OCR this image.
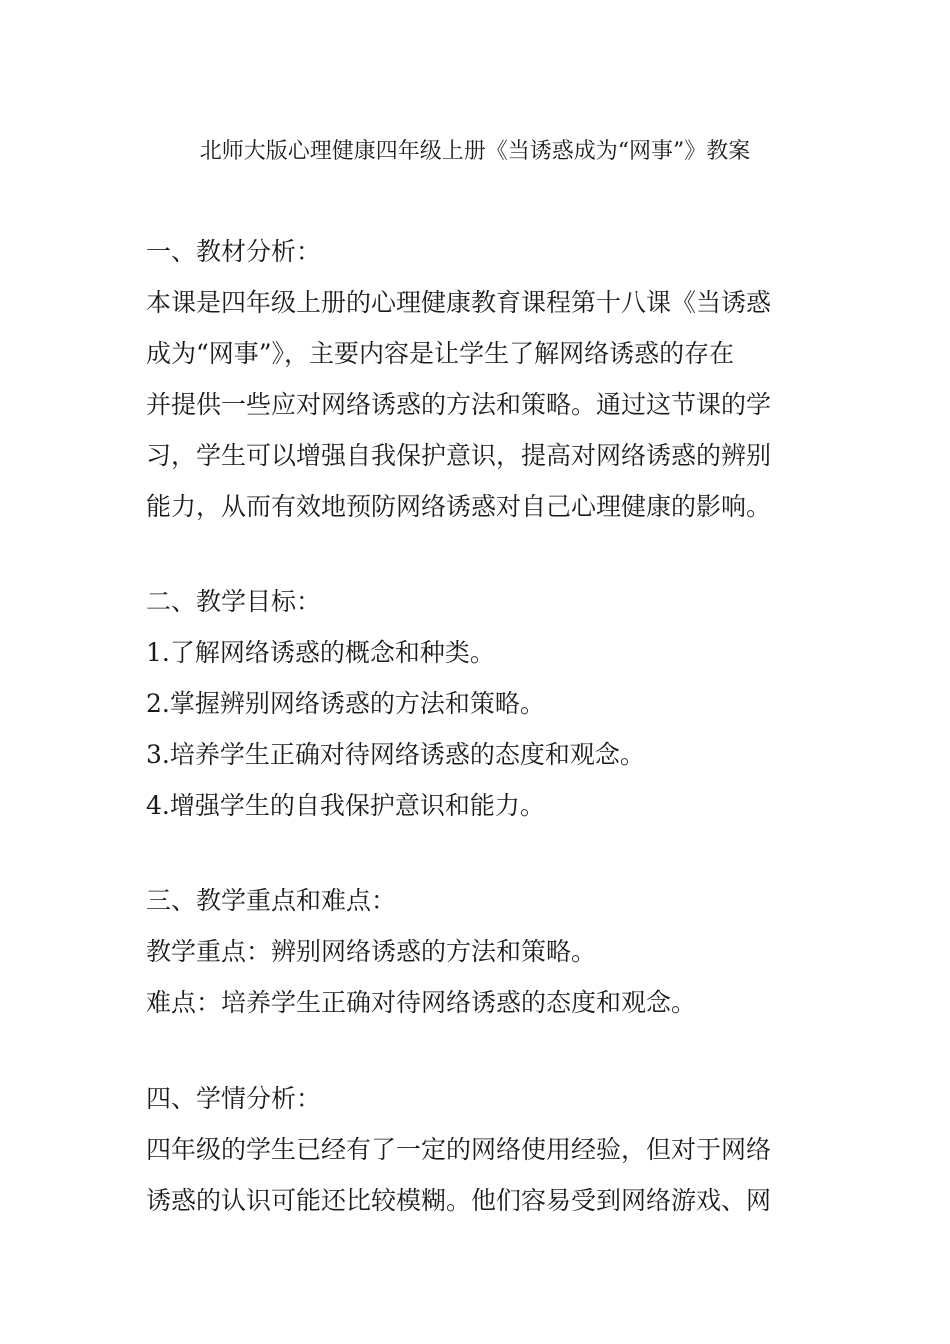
北师大版心理健康四年级上册《当诱惑成为“网事”》教案

一、教材分析：

本课是四年级上册的心理健康教育课程第十八课《当诱惑

成为“网事”》，主要内容是让学生了解网络诱惑的存在

并提供一些应对网络诱惑的方法和策略。通过这节课的学

习，学生可以增强自我保护意识，提高对网络诱惑的辨别

能力，从而有效地预防网络诱惑对自己心理健康的影响。

二、教学目标：

1.了解网络诱惑的概念和种类。

2.掌握辨别网络诱惑的方法和策略。

3.培养学生正确对待网络诱惑的态度和观念。

4.增强学生的自我保护意识和能力。

三、教学重点和难点：

教学重点：辨别网络诱惑的方法和策略。

难点：培养学生正确对待网络诱惑的态度和观念。

四、学情分析：

四年级的学生已经有了一定的网络使用经验，但对于网络

诱惑的认识可能还比较模糊。他们容易受到网络游戏、网
